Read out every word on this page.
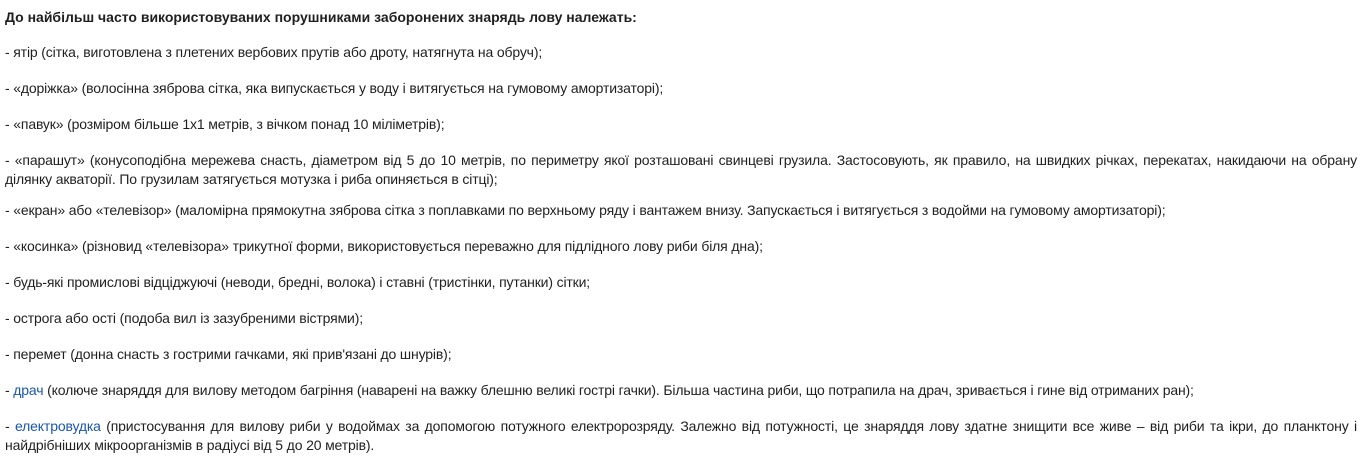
До найбільш часто використовуваних порушниками заборонених знарядь лову належать:

- ятір (сітка, виготовлена з плетених вербових прутів або дроту, натягнута на обруч);

- «доріжка» (волосінна зяброва сітка, яка випускається у воду і витягується на гумовому амортизаторі);

- «павук» (розміром більше 1х1 метрів, з вічком понад 10 міліметрів);

- «парашут» (конусоподібна мережева снасть, діаметром від 5 до 10 метрів, по периметру якої розташовані свинцеві грузила. Застосовують, як правило, на швидких річках, перекатах, накидаючи на обрану ділянку акваторії. По грузилам затягується мотузка і риба опиняється в сітці);

- «екран» або «телевізор» (маломірна прямокутна зяброва сітка з поплавками по верхньому ряду і вантажем внизу. Запускається і витягується з водойми на гумовому амортизаторі);

- «косинка» (різновид «телевізора» трикутної форми, використовується переважно для підлідного лову риби біля дна);

- будь-які промислові відціджуючі (неводи, бредні, волока) і ставні (тристінки, путанки) сітки;

- острога або ості (подоба вил із зазубреними вістрями);

- перемет (донна снасть з гострими гачками, які прив'язані до шнурів);

- драч (колюче знаряддя для вилову методом багріння (наварені на важку блешню великі гострі гачки). Більша частина риби, що потрапила на драч, зривається і гине від отриманих ран);

- електровудка (пристосування для вилову риби у водоймах за допомогою потужного електророзряду. Залежно від потужності, це знаряддя лову здатне знищити все живе – від риби та ікри, до планктону і найдрібніших мікроорганізмів в радіусі від 5 до 20 метрів).
